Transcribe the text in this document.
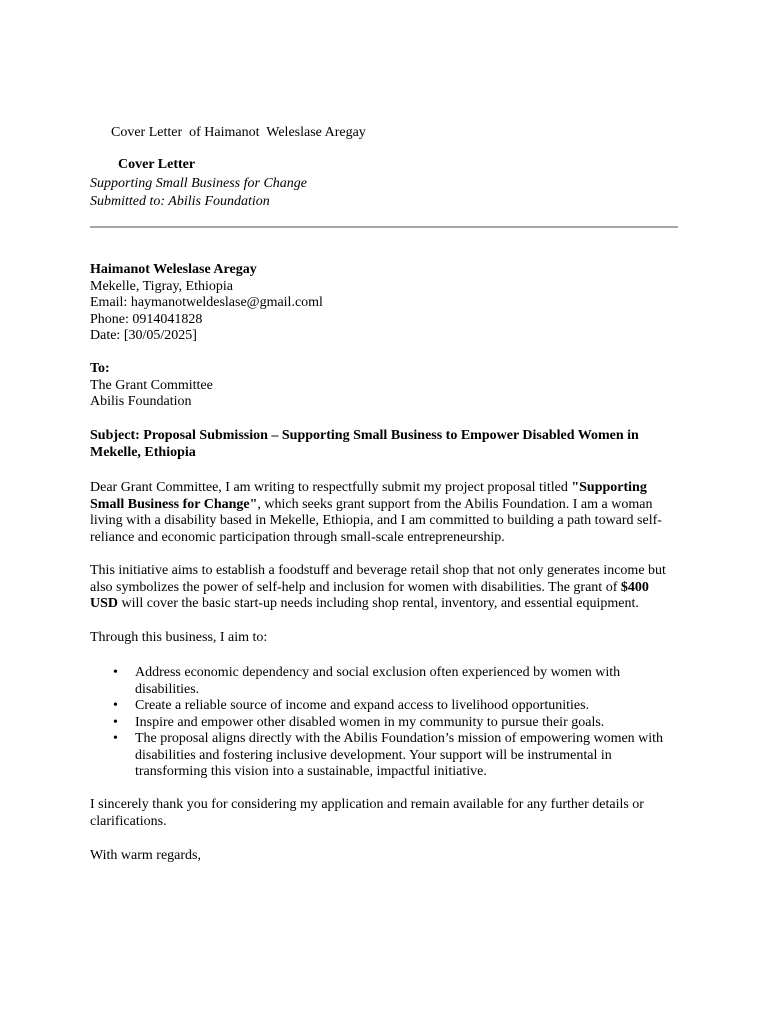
Cover Letter  of Haimanot  Weleslase Aregay
Cover Letter
Supporting Small Business for Change
Submitted to: Abilis Foundation

Haimanot Weleslase Aregay

Mekelle, Tigray, Ethiopia

Email: haymanotweldeslase@gmail.coml

Phone: 0914041828

Date: [30/05/2025]

To:

The Grant Committee

Abilis Foundation

Subject: Proposal Submission – Supporting Small Business to Empower Disabled Women in Mekelle, Ethiopia
Dear Grant Committee, I am writing to respectfully submit my project proposal titled "Supporting Small Business for Change", which seeks grant support from the Abilis Foundation. I am a woman living with a disability based in Mekelle, Ethiopia, and I am committed to building a path toward self-reliance and economic participation through small-scale entrepreneurship.
This initiative aims to establish a foodstuff and beverage retail shop that not only generates income but also symbolizes the power of self-help and inclusion for women with disabilities. The grant of $400 USD will cover the basic start-up needs including shop rental, inventory, and essential equipment.
Through this business, I aim to:
• Address economic dependency and social exclusion often experienced by women with disabilities.
• Create a reliable source of income and expand access to livelihood opportunities.
• Inspire and empower other disabled women in my community to pursue their goals.
• The proposal aligns directly with the Abilis Foundation’s mission of empowering women with disabilities and fostering inclusive development. Your support will be instrumental in transforming this vision into a sustainable, impactful initiative.
I sincerely thank you for considering my application and remain available for any further details or clarifications.
With warm regards,
